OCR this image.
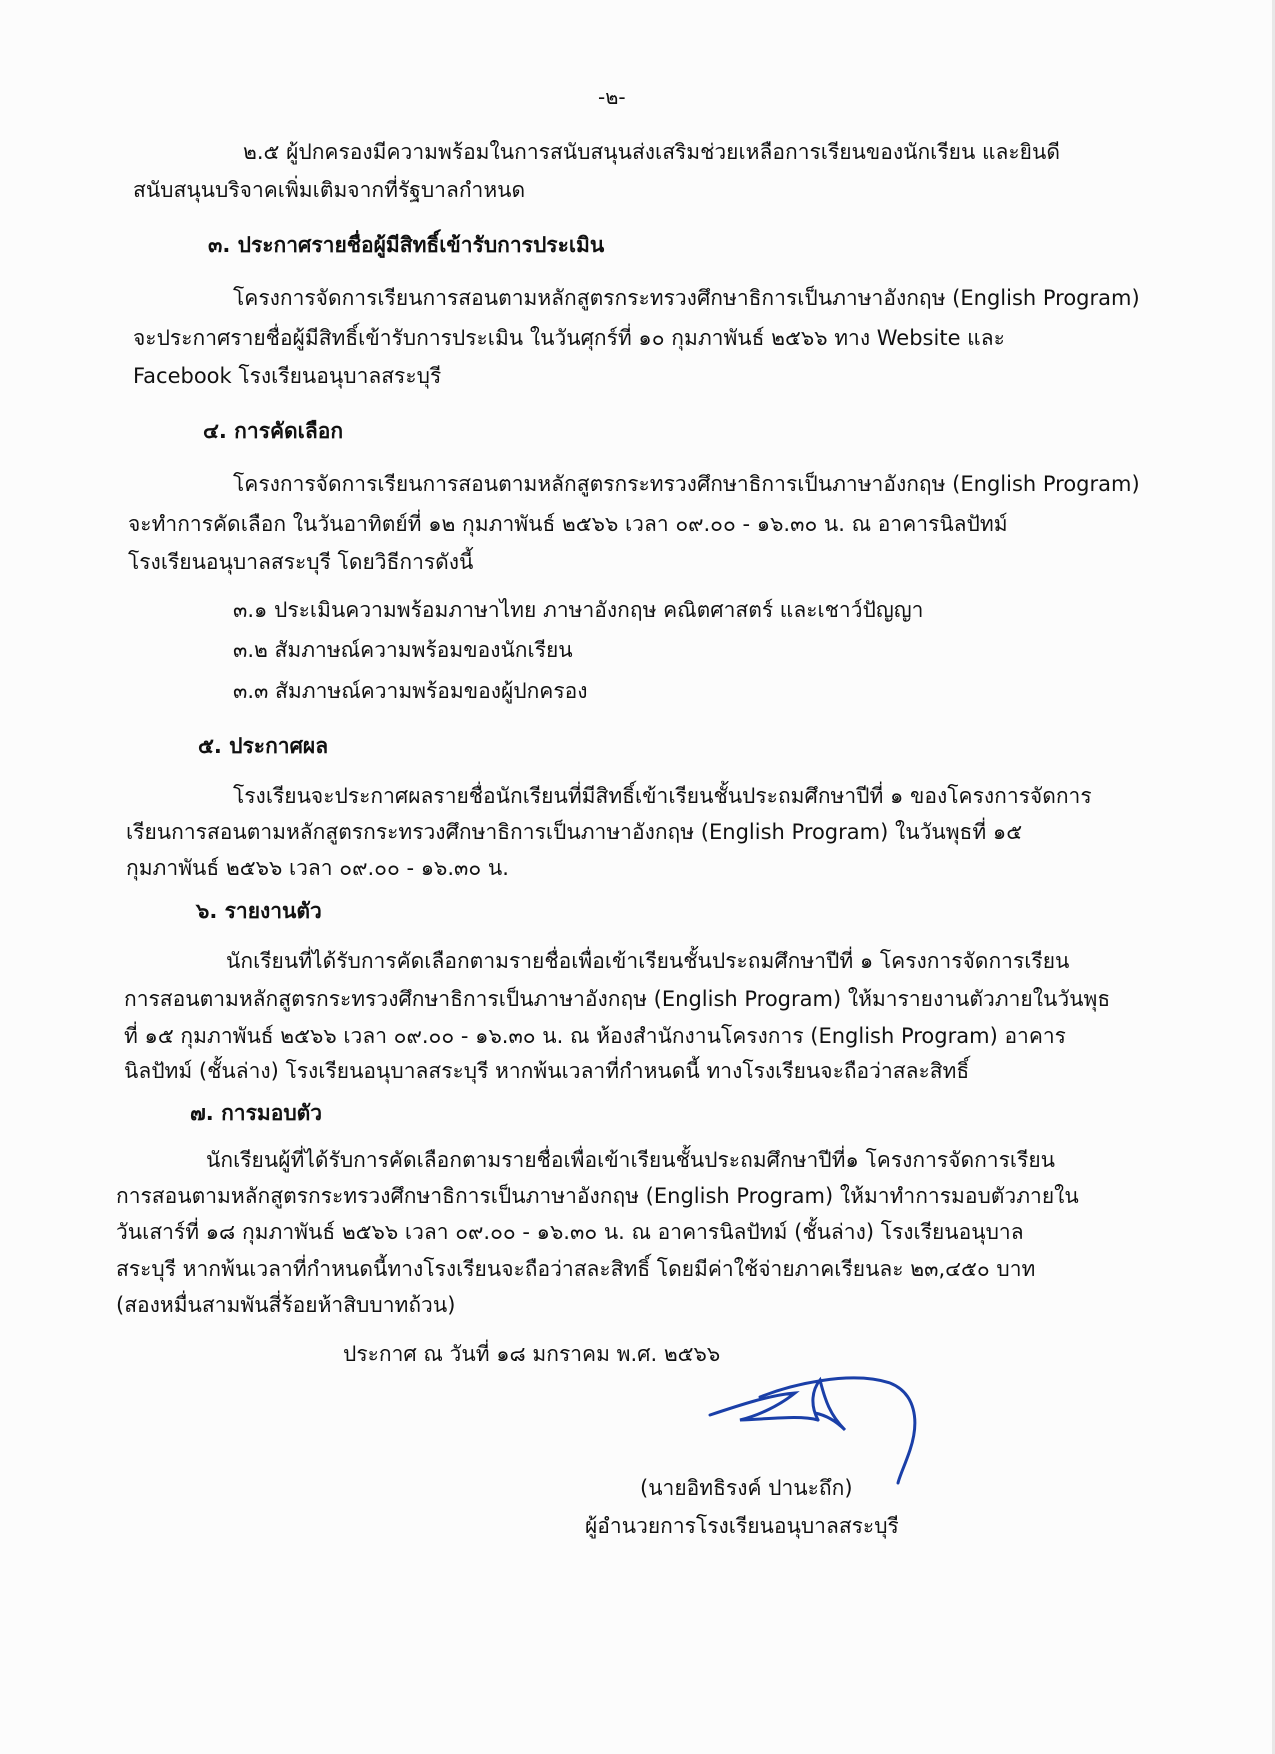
-๒-
๒.๕ ผู้ปกครองมีความพร้อมในการสนับสนุนส่งเสริมช่วยเหลือการเรียนของนักเรียน และยินดี
สนับสนุนบริจาคเพิ่มเติมจากที่รัฐบาลกำหนด
๓. ประกาศรายชื่อผู้มีสิทธิ์เข้ารับการประเมิน
โครงการจัดการเรียนการสอนตามหลักสูตรกระทรวงศึกษาธิการเป็นภาษาอังกฤษ (English Program)
จะประกาศรายชื่อผู้มีสิทธิ์เข้ารับการประเมิน ในวันศุกร์ที่ ๑๐ กุมภาพันธ์ ๒๕๖๖ ทาง Website และ
Facebook โรงเรียนอนุบาลสระบุรี
๔. การคัดเลือก
โครงการจัดการเรียนการสอนตามหลักสูตรกระทรวงศึกษาธิการเป็นภาษาอังกฤษ (English Program)
จะทำการคัดเลือก ในวันอาทิตย์ที่ ๑๒ กุมภาพันธ์ ๒๕๖๖ เวลา ๐๙.๐๐ - ๑๖.๓๐ น. ณ อาคารนิลปัทม์
โรงเรียนอนุบาลสระบุรี โดยวิธีการดังนี้
๓.๑ ประเมินความพร้อมภาษาไทย ภาษาอังกฤษ คณิตศาสตร์ และเชาว์ปัญญา
๓.๒ สัมภาษณ์ความพร้อมของนักเรียน
๓.๓ สัมภาษณ์ความพร้อมของผู้ปกครอง
๕. ประกาศผล
โรงเรียนจะประกาศผลรายชื่อนักเรียนที่มีสิทธิ์เข้าเรียนชั้นประถมศึกษาปีที่ ๑ ของโครงการจัดการ
เรียนการสอนตามหลักสูตรกระทรวงศึกษาธิการเป็นภาษาอังกฤษ (English Program) ในวันพุธที่ ๑๕
กุมภาพันธ์ ๒๕๖๖ เวลา ๐๙.๐๐ - ๑๖.๓๐ น.
๖. รายงานตัว
นักเรียนที่ได้รับการคัดเลือกตามรายชื่อเพื่อเข้าเรียนชั้นประถมศึกษาปีที่ ๑ โครงการจัดการเรียน
การสอนตามหลักสูตรกระทรวงศึกษาธิการเป็นภาษาอังกฤษ (English Program) ให้มารายงานตัวภายในวันพุธ
ที่ ๑๕ กุมภาพันธ์ ๒๕๖๖ เวลา ๐๙.๐๐ - ๑๖.๓๐ น. ณ ห้องสำนักงานโครงการ (English Program) อาคาร
นิลปัทม์ (ชั้นล่าง) โรงเรียนอนุบาลสระบุรี หากพ้นเวลาที่กำหนดนี้ ทางโรงเรียนจะถือว่าสละสิทธิ์
๗. การมอบตัว
นักเรียนผู้ที่ได้รับการคัดเลือกตามรายชื่อเพื่อเข้าเรียนชั้นประถมศึกษาปีที่๑ โครงการจัดการเรียน
การสอนตามหลักสูตรกระทรวงศึกษาธิการเป็นภาษาอังกฤษ (English Program) ให้มาทำการมอบตัวภายใน
วันเสาร์ที่ ๑๘ กุมภาพันธ์ ๒๕๖๖ เวลา ๐๙.๐๐ - ๑๖.๓๐ น. ณ อาคารนิลปัทม์ (ชั้นล่าง) โรงเรียนอนุบาล
สระบุรี หากพ้นเวลาที่กำหนดนี้ทางโรงเรียนจะถือว่าสละสิทธิ์ โดยมีค่าใช้จ่ายภาคเรียนละ ๒๓,๔๕๐ บาท
(สองหมื่นสามพันสี่ร้อยห้าสิบบาทถ้วน)
ประกาศ ณ วันที่ ๑๘ มกราคม พ.ศ. ๒๕๖๖
(นายอิทธิรงค์ ปานะถึก)
ผู้อำนวยการโรงเรียนอนุบาลสระบุรี
